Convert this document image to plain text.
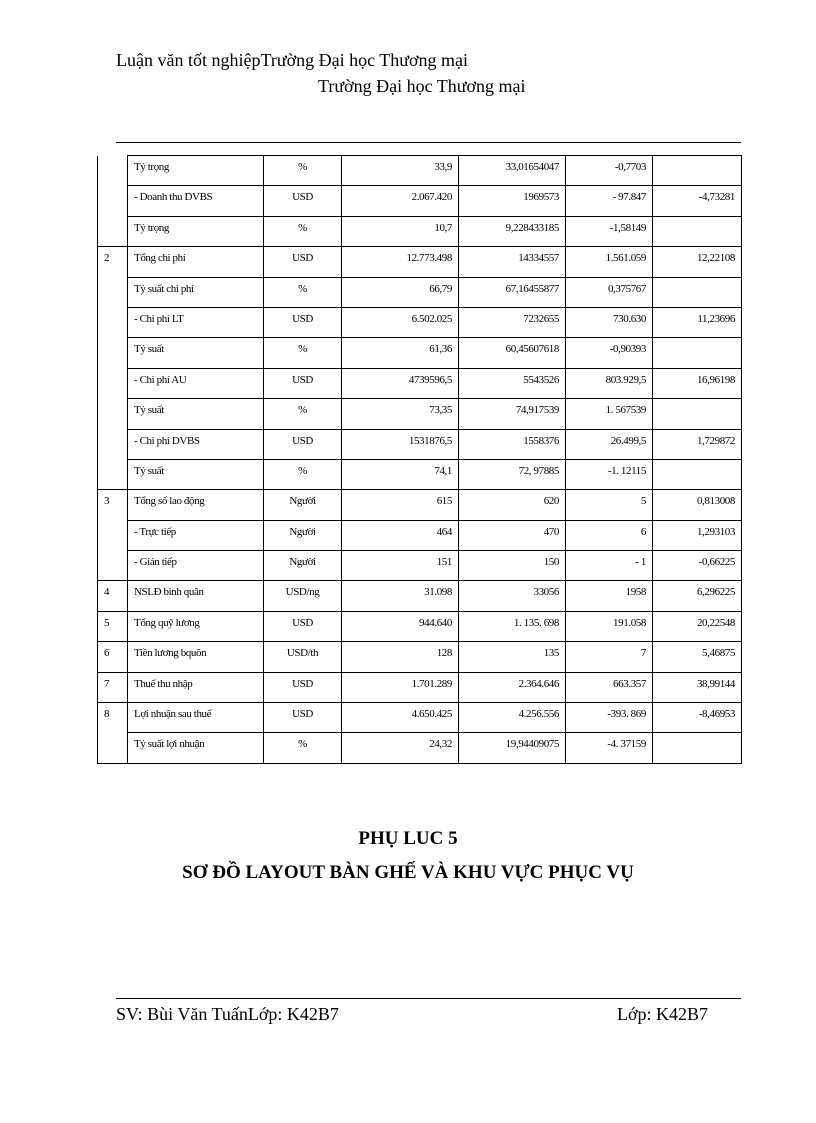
Luận văn tốt nghiệpTrường Đại học Thương mại
Trường Đại học Thương mại
	Tỷ trọng	%	33,9	33,01654047	-0,7703	
	- Doanh thu DVBS	USD	2.067.420	1969573	- 97.847	-4,73281
	Tỷ trọng	%	10,7	9,228433185	-1,58149	
2	Tổng chi phí	USD	12.773.498	14334557	1.561.059	12,22108
	Tỷ suất chi phí	%	66,79	67,16455877	0,375767	
	- Chi phí LT	USD	6.502.025	7232655	730.630	11,23696
	Tỷ suất	%	61,36	60,45607618	-0,90393	
	- Chi phí AU	USD	4739596,5	5543526	803.929,5	16,96198
	Tỷ suất	%	73,35	74,917539	1. 567539	
	- Chi phí DVBS	USD	1531876,5	1558376	26.499,5	1,729872
	Tỷ suất	%	74,1	72, 97885	-1. 12115	
3	Tổng số lao động	Người	615	620	5	0,813008
	- Trực tiếp	Người	464	470	6	1,293103
	- Gián tiếp	Người	151	150	- 1	-0,66225
4	NSLĐ bình quân	USD/ng	31.098	33056	1958	6,296225
5	Tổng quỹ lương	USD	944.640	1. 135. 698	191.058	20,22548
6	Tiền lương bquõn	USD/th	128	135	7	5,46875
7	Thuế thu nhập	USD	1.701.289	2.364.646	663.357	38,99144
8	Lợi nhuận sau thuế	USD	4.650.425	4.256.556	-393. 869	-8,46953
	Tỷ suất lợi nhuận	%	24,32	19,94409075	-4. 37159	
PHỤ LUC 5
SƠ ĐỒ LAYOUT BÀN GHẾ VÀ KHU VỰC PHỤC VỤ
SV: Bùi Văn TuấnLớp: K42B7	Lớp: K42B7
